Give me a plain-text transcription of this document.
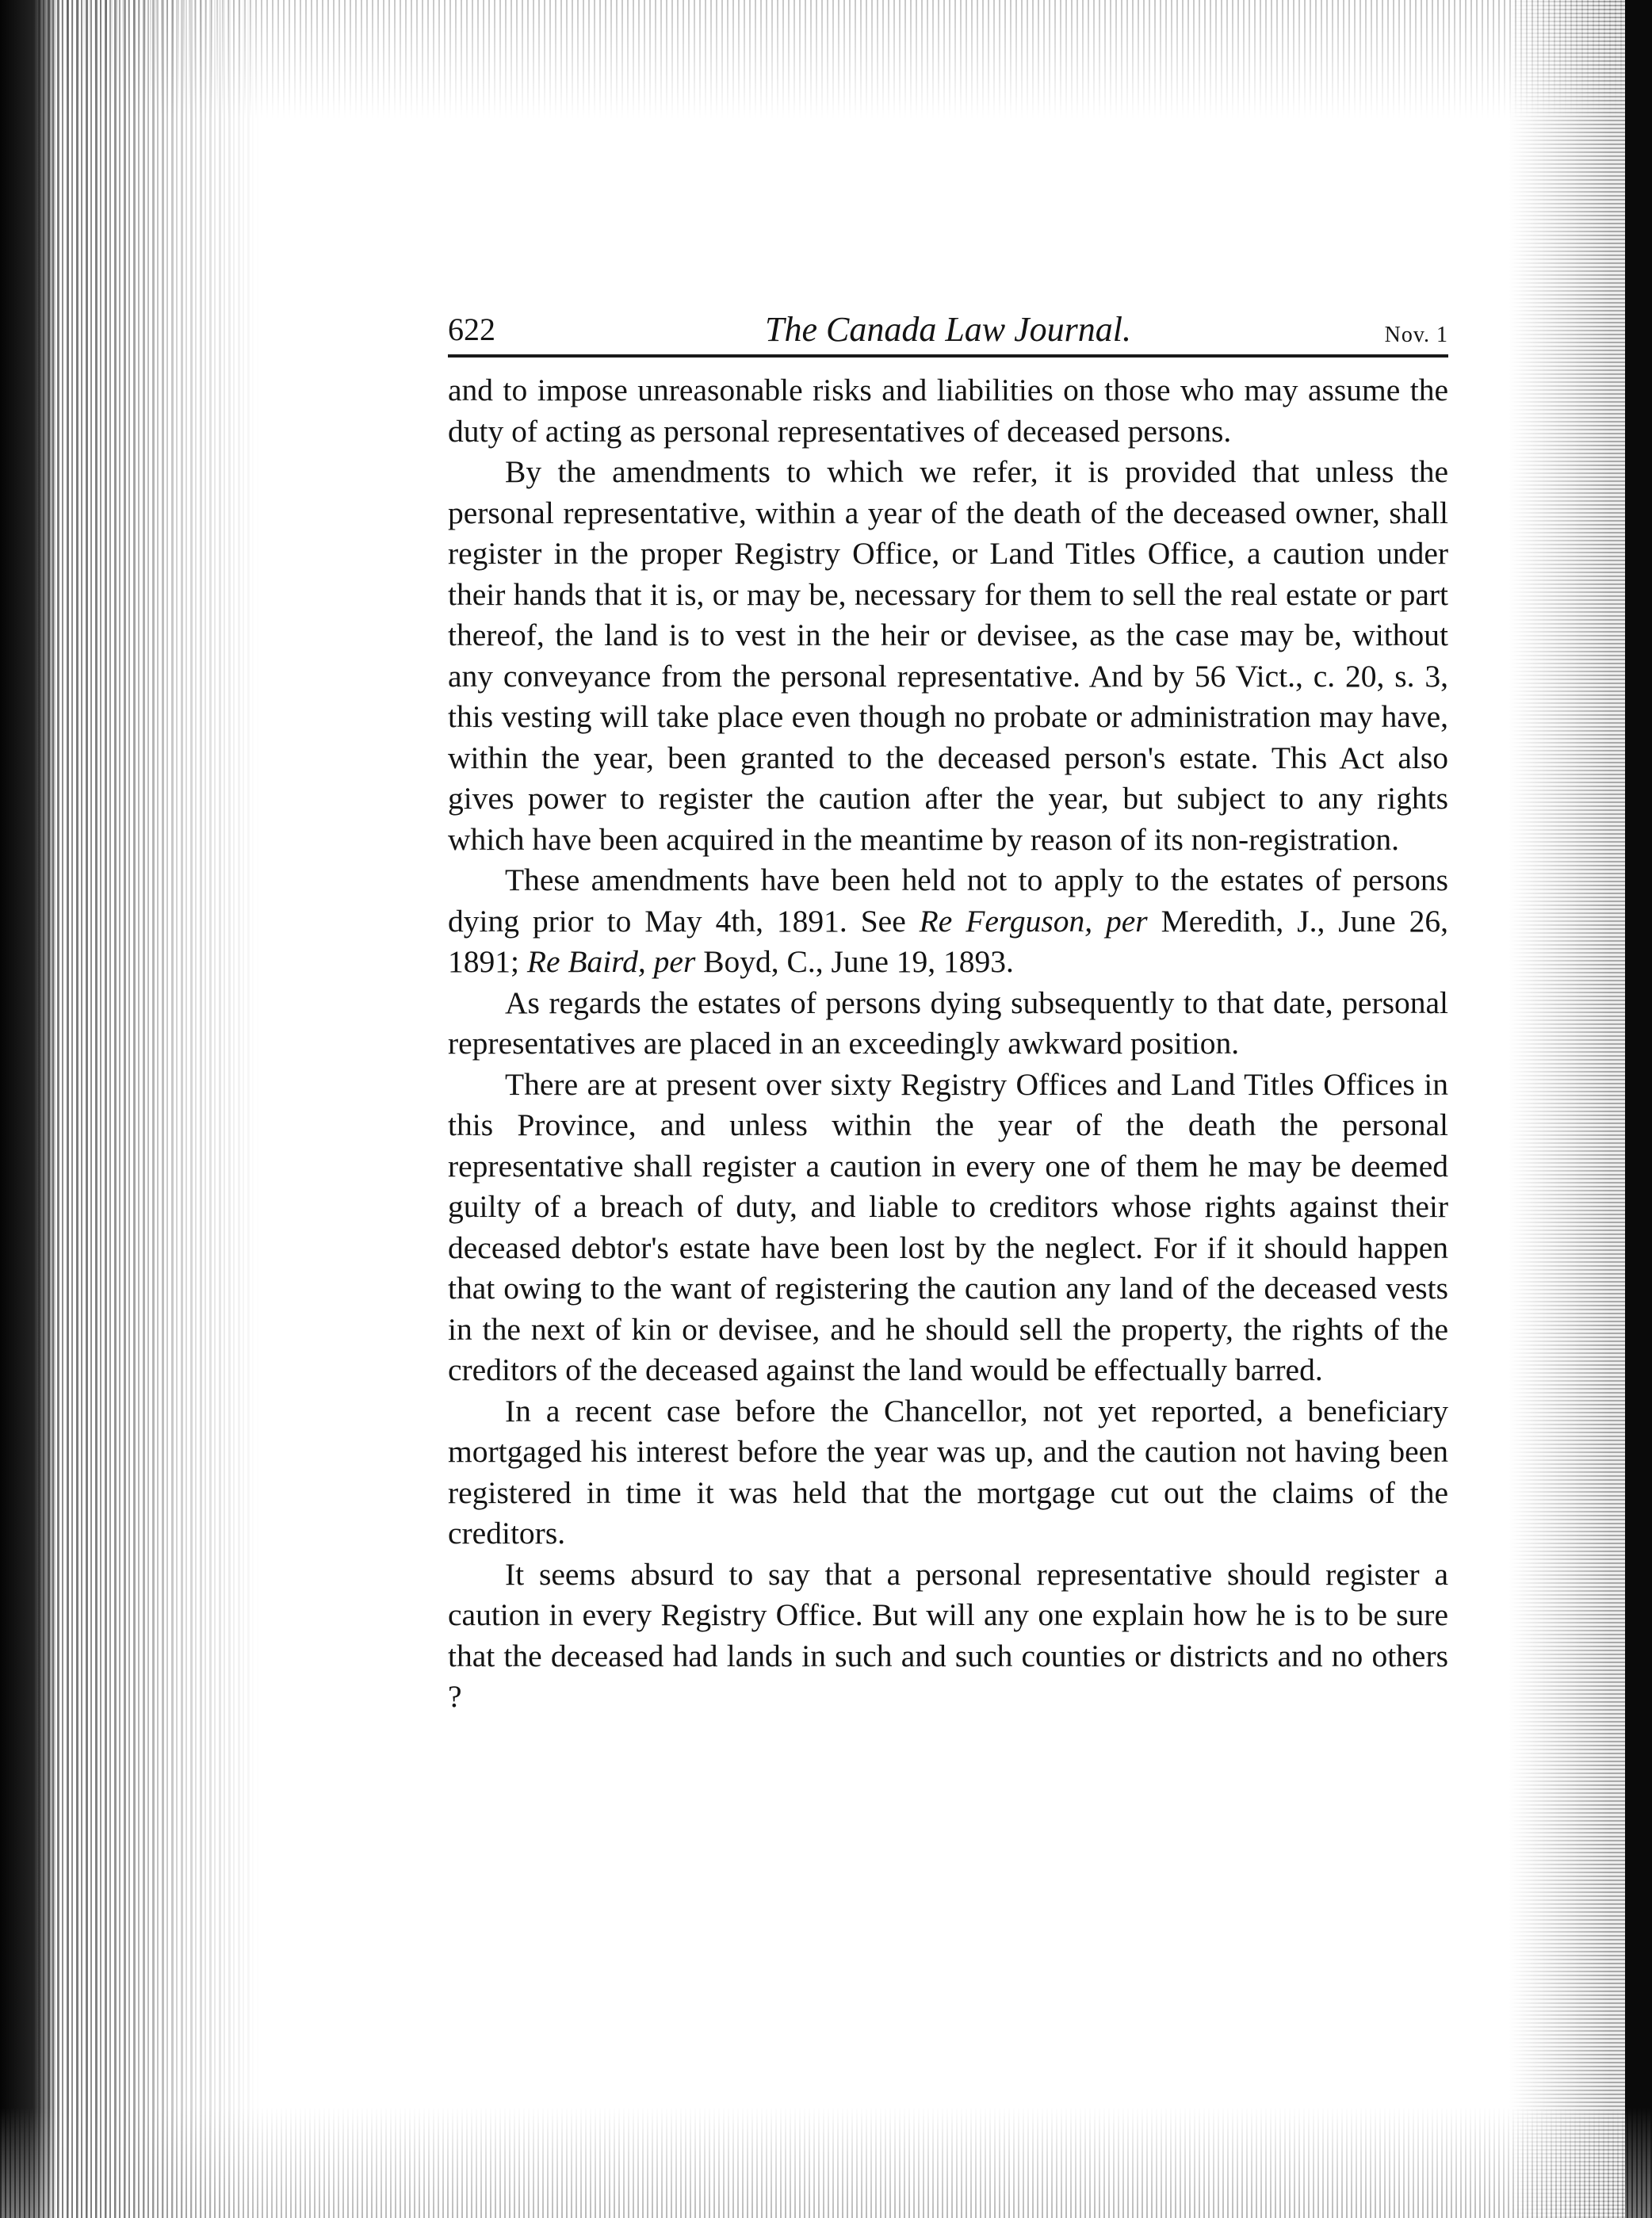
622	The Canada Law Journal.	Nov. 1

and to impose unreasonable risks and liabilities on those who may assume the duty of acting as personal representatives of deceased persons.

By the amendments to which we refer, it is provided that unless the personal representative, within a year of the death of the deceased owner, shall register in the proper Registry Office, or Land Titles Office, a caution under their hands that it is, or may be, necessary for them to sell the real estate or part thereof, the land is to vest in the heir or devisee, as the case may be, without any conveyance from the personal representative. And by 56 Vict., c. 20, s. 3, this vesting will take place even though no probate or administration may have, within the year, been granted to the deceased person's estate. This Act also gives power to register the caution after the year, but subject to any rights which have been acquired in the meantime by reason of its non-registration.

These amendments have been held not to apply to the estates of persons dying prior to May 4th, 1891. See Re Ferguson, per Meredith, J., June 26, 1891; Re Baird, per Boyd, C., June 19, 1893.

As regards the estates of persons dying subsequently to that date, personal representatives are placed in an exceedingly awkward position.

There are at present over sixty Registry Offices and Land Titles Offices in this Province, and unless within the year of the death the personal representative shall register a caution in every one of them he may be deemed guilty of a breach of duty, and liable to creditors whose rights against their deceased debtor's estate have been lost by the neglect. For if it should happen that owing to the want of registering the caution any land of the deceased vests in the next of kin or devisee, and he should sell the property, the rights of the creditors of the deceased against the land would be effectually barred.

In a recent case before the Chancellor, not yet reported, a beneficiary mortgaged his interest before the year was up, and the caution not having been registered in time it was held that the mortgage cut out the claims of the creditors.

It seems absurd to say that a personal representative should register a caution in every Registry Office. But will any one explain how he is to be sure that the deceased had lands in such and such counties or districts and no others ?
